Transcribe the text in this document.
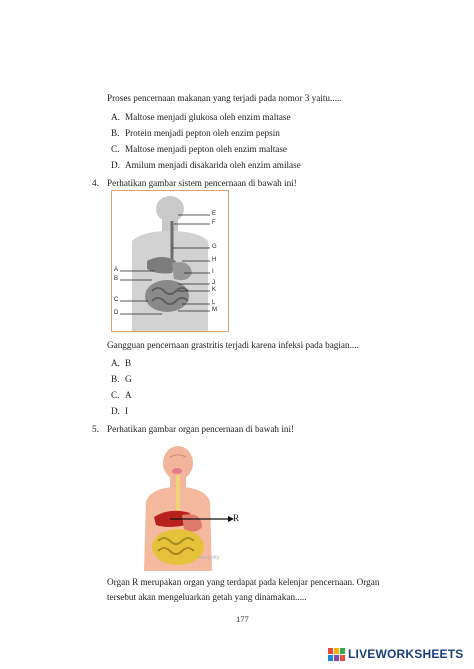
Proses pencernaan makanan yang terjadi pada nomor 3 yaitu.....
A. Maltose menjadi glukosa oleh enzim maltase
B. Protein menjadi pepton oleh enzim pepsin
C. Maltose menjadi pepton oleh enzim maltase
D. Amilum menjadi disakarida oleh enzim amilase
4. Perhatikan gambar sistem pencernaan di bawah ini!
E
F
G
H
I
J
K
L
M
A
B
C
D
Gangguan pencernaan grastritis terjadi karena infeksi pada bagian....
A. B
B. G
C. A
D. I
5. Perhatikan gambar organ pencernaan di bawah ini!
wisegoKy
R
Organ R merupakan organ yang terdapat pada kelenjar pencernaan. Organ
tersebut akan mengeluarkan getah yang dinamakan.....
177
LIVEWORKSHEETS
